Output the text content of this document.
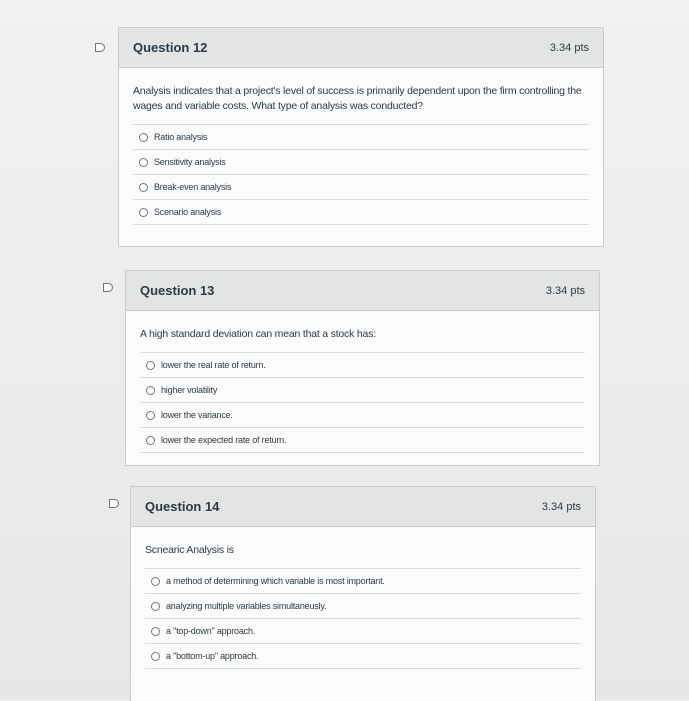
Question 12	3.34 pts
Analysis indicates that a project's level of success is primarily dependent upon the firm controlling the wages and variable costs. What type of analysis was conducted?
Ratio analysis
Sensitivity analysis
Break-even analysis
Scenario analysis
Question 13	3.34 pts
A high standard deviation can mean that a stock has:
lower the real rate of return.
higher volatility
lower the variance.
lower the expected rate of return.
Question 14	3.34 pts
Scnearic Analysis is
a method of determining which variable is most important.
analyzing multiple variables simultaneusly.
a "top-down" approach.
a "bottom-up" approach.
